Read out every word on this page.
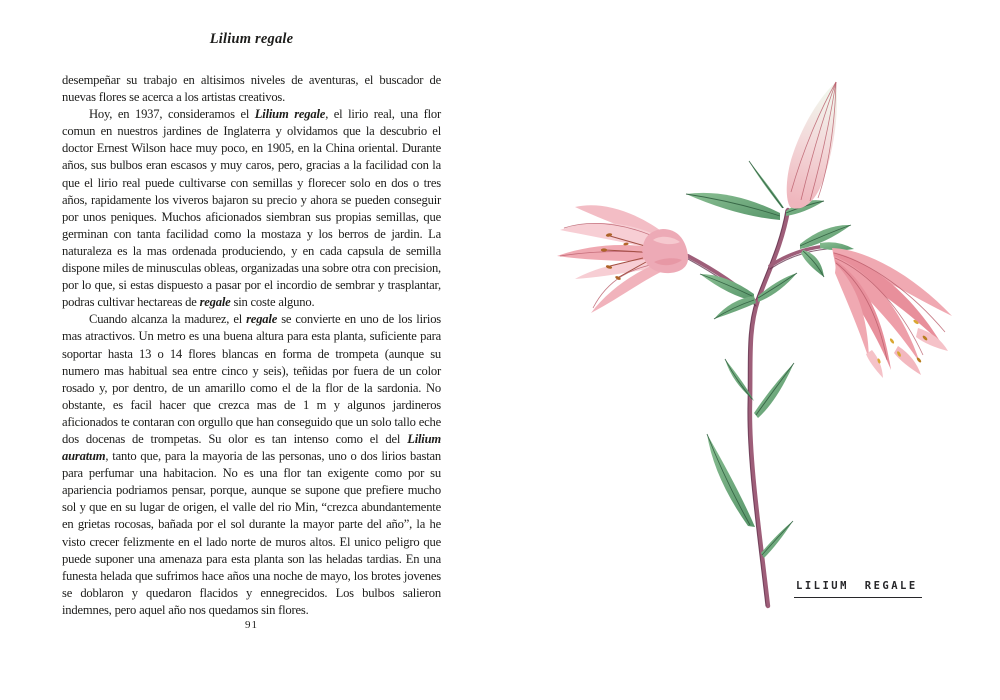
Lilium regale

desempeñar su trabajo en altisimos niveles de aventuras, el buscador de nuevas flores se acerca a los artistas creativos.

Hoy, en 1937, consideramos el Lilium regale, el lirio real, una flor comun en nuestros jardines de Inglaterra y olvidamos que la descubrio el doctor Ernest Wilson hace muy poco, en 1905, en la China oriental. Durante años, sus bulbos eran escasos y muy caros, pero, gracias a la facilidad con la que el lirio real puede cultivarse con semillas y florecer solo en dos o tres años, rapidamente los viveros bajaron su precio y ahora se pueden conseguir por unos peniques. Muchos aficionados siembran sus propias semillas, que germinan con tanta facilidad como la mostaza y los berros de jardin. La naturaleza es la mas ordenada produciendo, y en cada capsula de semilla dispone miles de minusculas obleas, organizadas una sobre otra con precision, por lo que, si estas dispuesto a pasar por el incordio de sembrar y trasplantar, podras cultivar hectareas de regale sin coste alguno.

Cuando alcanza la madurez, el regale se convierte en uno de los lirios mas atractivos. Un metro es una buena altura para esta planta, suficiente para soportar hasta 13 o 14 flores blancas en forma de trompeta (aunque su numero mas habitual sea entre cinco y seis), teñidas por fuera de un color rosado y, por dentro, de un amarillo como el de la flor de la sardonia. No obstante, es facil hacer que crezca mas de 1 m y algunos jardineros aficionados te contaran con orgullo que han conseguido que un solo tallo eche dos docenas de trompetas. Su olor es tan intenso como el del Lilium auratum, tanto que, para la mayoria de las personas, uno o dos lirios bastan para perfumar una habitacion. No es una flor tan exigente como por su apariencia podriamos pensar, porque, aunque se supone que prefiere mucho sol y que en su lugar de origen, el valle del rio Min, “crezca abundantemente en grietas rocosas, bañada por el sol durante la mayor parte del año”, la he visto crecer felizmente en el lado norte de muros altos. El unico peligro que puede suponer una amenaza para esta planta son las heladas tardias. En una funesta helada que sufrimos hace años una noche de mayo, los brotes jovenes se doblaron y quedaron flacidos y ennegrecidos. Los bulbos salieron indemnes, pero aquel año nos quedamos sin flores.

91
LILIUM REGALE
